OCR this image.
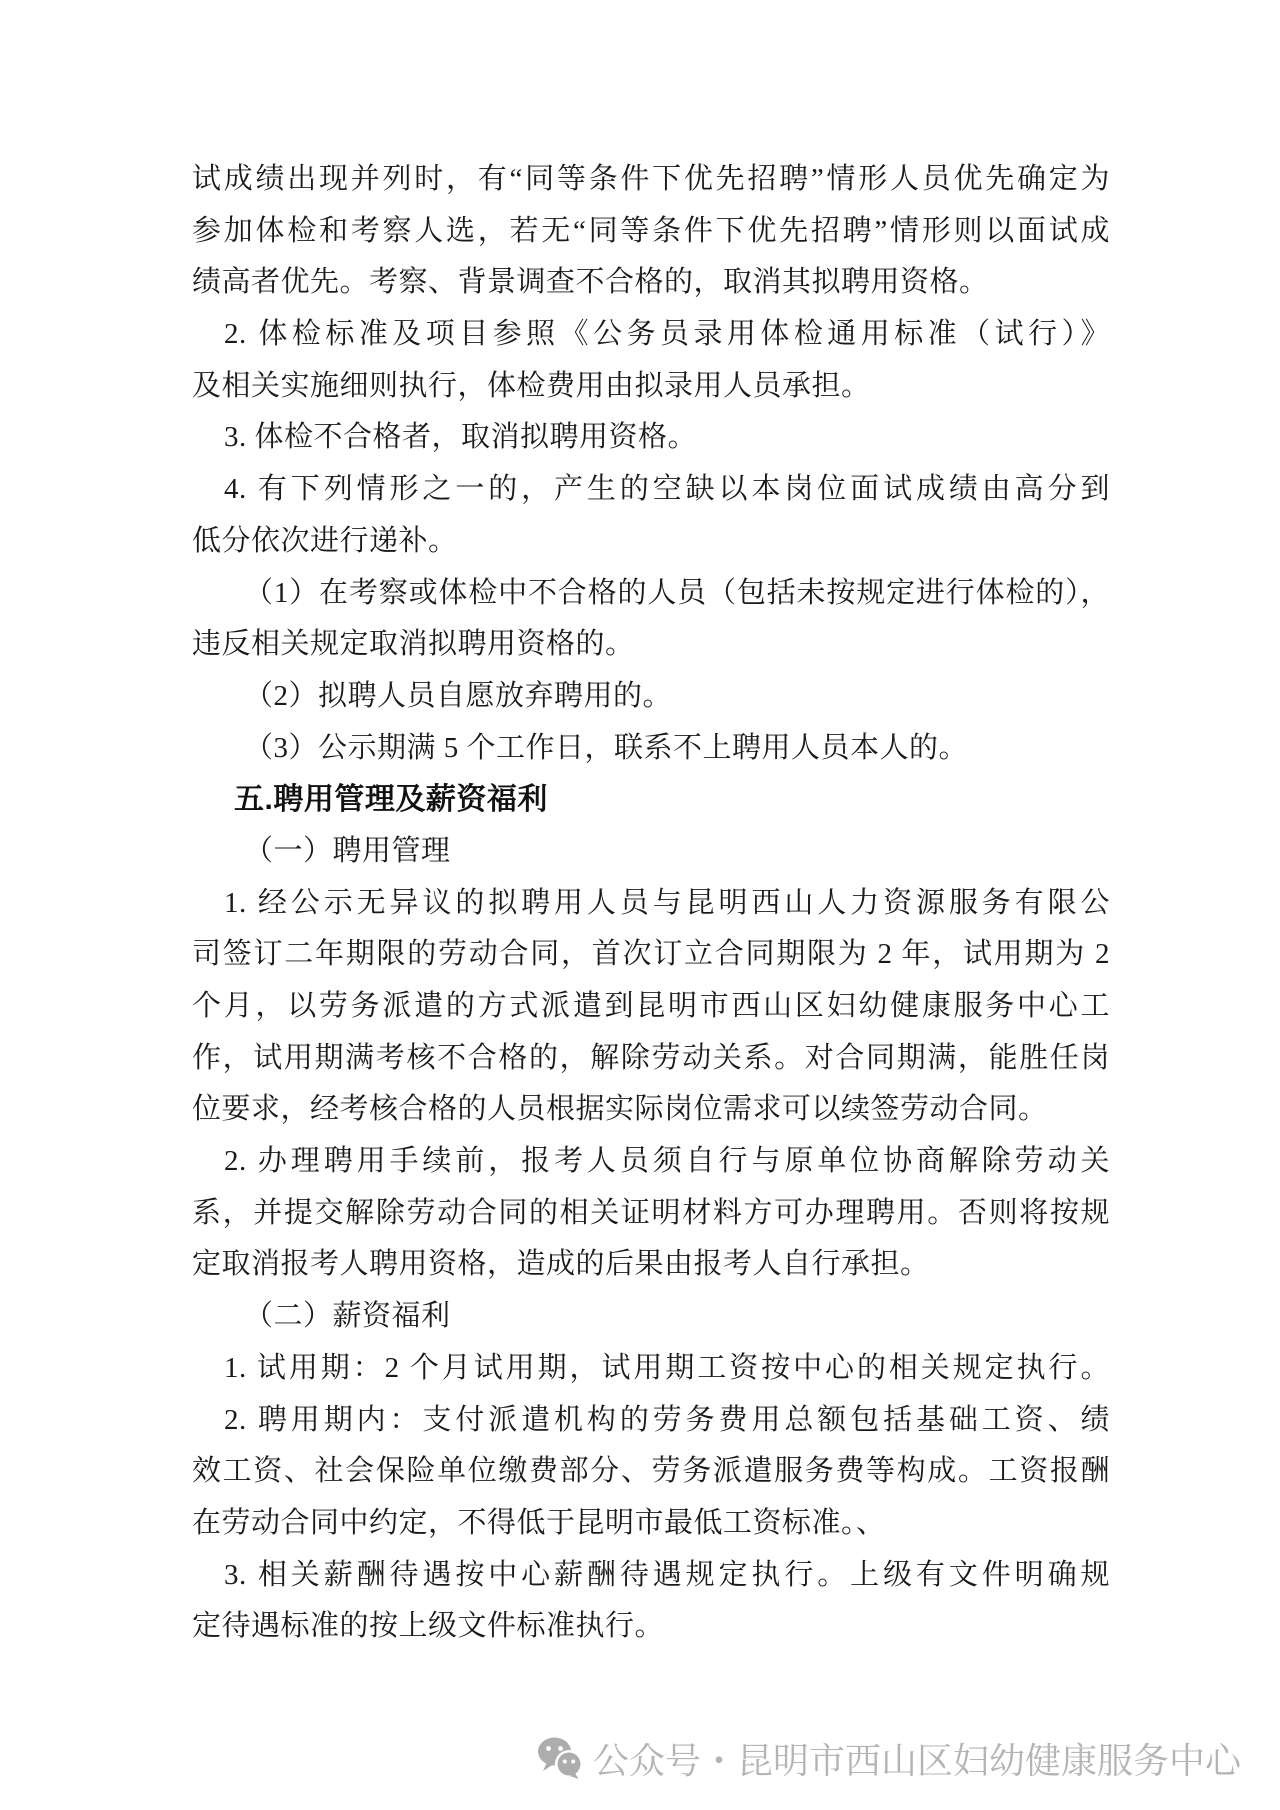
试成绩出现并列时，有“同等条件下优先招聘”情形人员优先确定为
参加体检和考察人选，若无“同等条件下优先招聘”情形则以面试成
绩高者优先。考察、背景调查不合格的，取消其拟聘用资格。
2. 体检标准及项目参照《公务员录用体检通用标准（试行）》
及相关实施细则执行，体检费用由拟录用人员承担。
3. 体检不合格者，取消拟聘用资格。
4. 有下列情形之一的，产生的空缺以本岗位面试成绩由高分到
低分依次进行递补。
（1）在考察或体检中不合格的人员（包括未按规定进行体检的），
违反相关规定取消拟聘用资格的。
（2）拟聘人员自愿放弃聘用的。
（3）公示期满 5 个工作日，联系不上聘用人员本人的。
五.聘用管理及薪资福利
（一）聘用管理
1. 经公示无异议的拟聘用人员与昆明西山人力资源服务有限公
司签订二年期限的劳动合同，首次订立合同期限为 2 年，试用期为 2
个月，以劳务派遣的方式派遣到昆明市西山区妇幼健康服务中心工
作，试用期满考核不合格的，解除劳动关系。对合同期满，能胜任岗
位要求，经考核合格的人员根据实际岗位需求可以续签劳动合同。
2. 办理聘用手续前，报考人员须自行与原单位协商解除劳动关
系，并提交解除劳动合同的相关证明材料方可办理聘用。否则将按规
定取消报考人聘用资格，造成的后果由报考人自行承担。
（二）薪资福利
1. 试用期：2 个月试用期，试用期工资按中心的相关规定执行。
2. 聘用期内：支付派遣机构的劳务费用总额包括基础工资、绩
效工资、社会保险单位缴费部分、劳务派遣服务费等构成。工资报酬
在劳动合同中约定，不得低于昆明市最低工资标准。、
3. 相关薪酬待遇按中心薪酬待遇规定执行。上级有文件明确规
定待遇标准的按上级文件标准执行。
公众号・昆明市西山区妇幼健康服务中心
